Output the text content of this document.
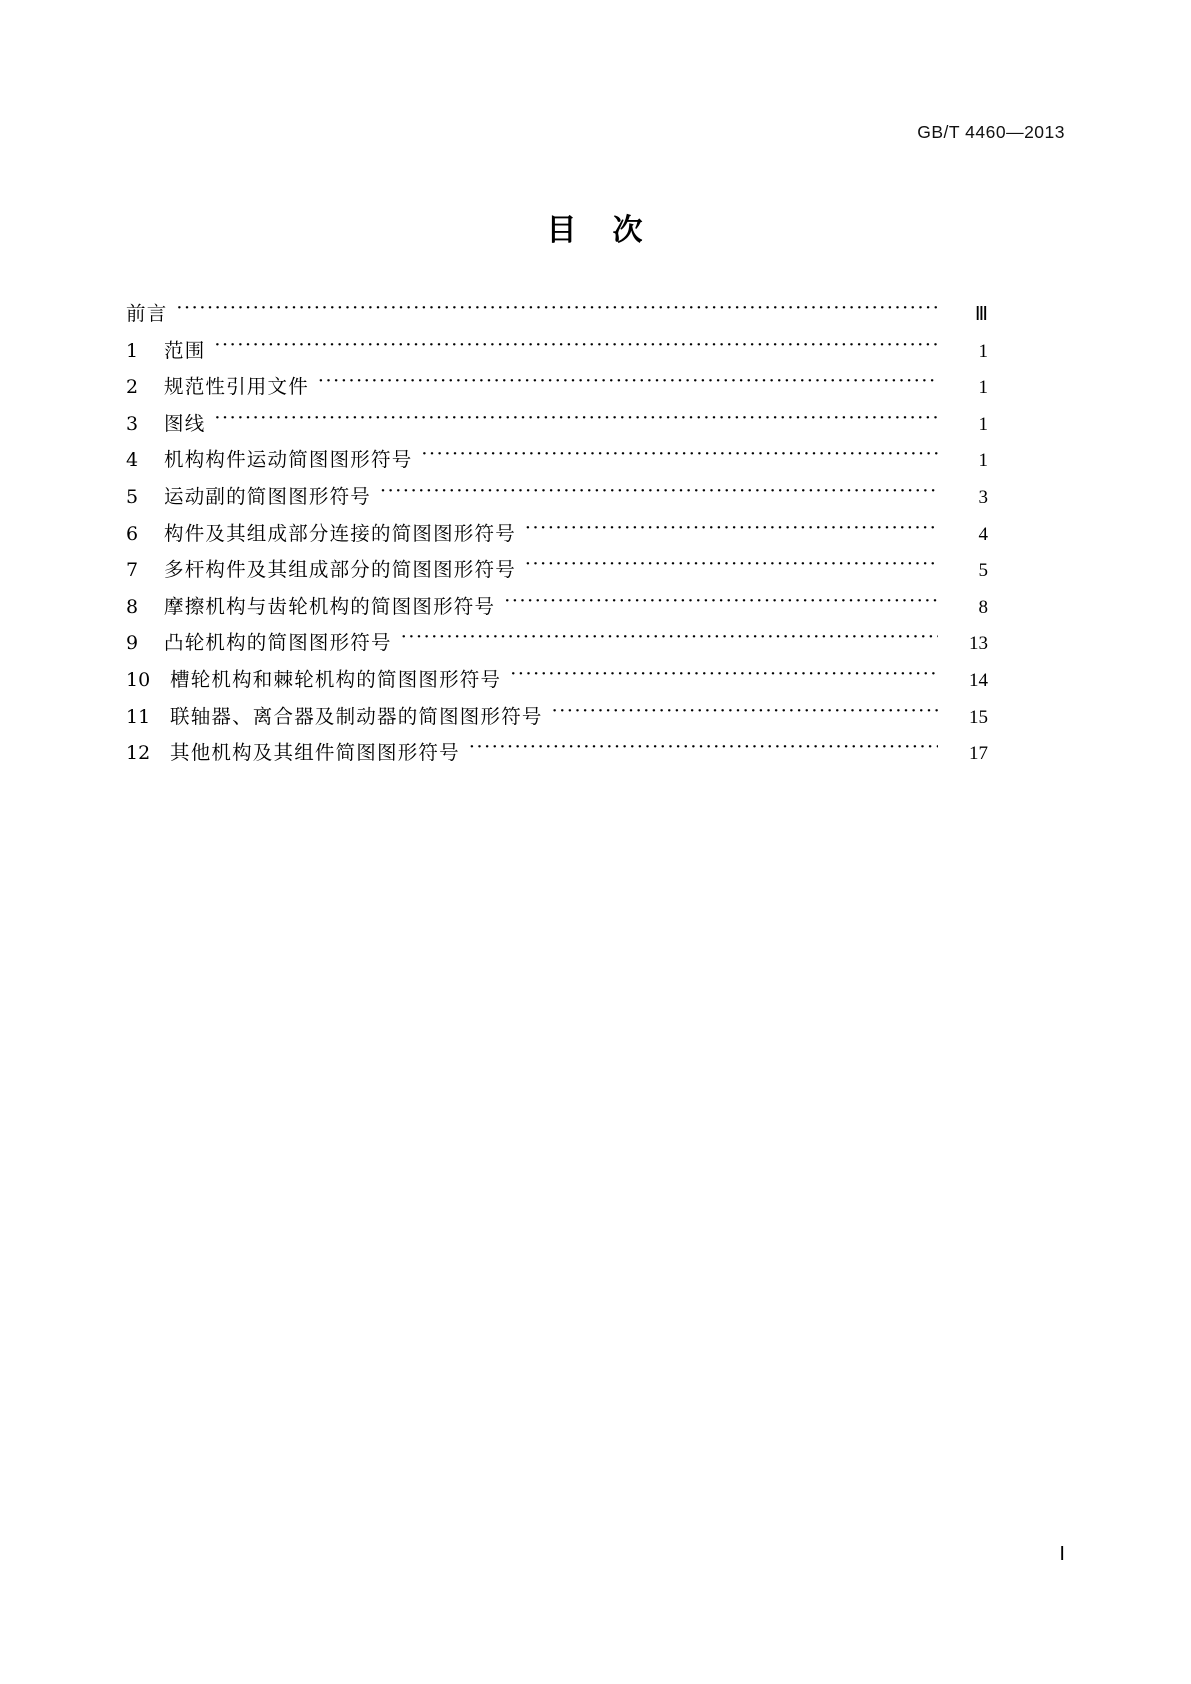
GB/T 4460—2013
目 次
前言 ·····	Ⅲ
1	范围 ·····	1
2	规范性引用文件 ·····	1
3	图线 ·····	1
4	机构构件运动简图图形符号 ·····	1
5	运动副的简图图形符号 ·····	3
6	构件及其组成部分连接的简图图形符号 ·····	4
7	多杆构件及其组成部分的简图图形符号 ·····	5
8	摩擦机构与齿轮机构的简图图形符号 ·····	8
9	凸轮机构的简图图形符号 ·····	13
10	槽轮机构和棘轮机构的简图图形符号 ·····	14
11	联轴器、离合器及制动器的简图图形符号 ·····	15
12	其他机构及其组件简图图形符号 ·····	17
Ⅰ
